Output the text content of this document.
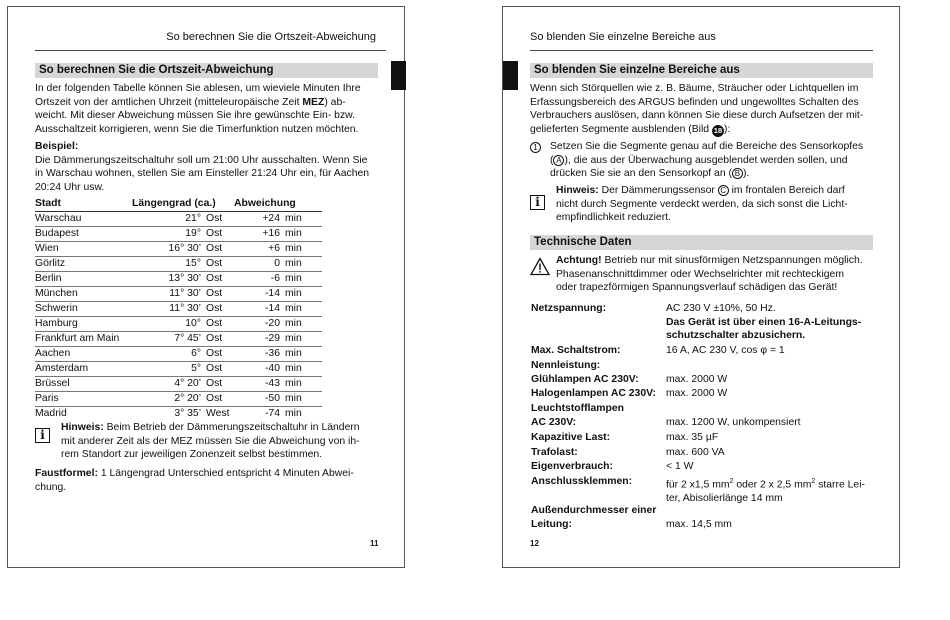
So berechnen Sie die Ortszeit-Abweichung
So berechnen Sie die Ortszeit-Abweichung
In der folgenden Tabelle können Sie ablesen, um wieviele Minuten Ihre
Ortszeit von der amtlichen Uhrzeit (mitteleuropäische Zeit MEZ) ab-
weicht. Mit dieser Abweichung müssen Sie ihre gewünschte Ein- bzw.
Ausschaltzeit korrigieren, wenn Sie die Timerfunktion nutzen möchten.
Beispiel:
Die Dämmerungszeitschaltuhr soll um 21:00 Uhr ausschalten. Wenn Sie
in Warschau wohnen, stellen Sie am Einsteller 21:24 Uhr ein, für Aachen
20:24 Uhr usw.
Stadt	Längengrad (ca.)		Abweichung	
Warschau	21°	Ost	+24	min
Budapest	19°	Ost	+16	min
Wien	16° 30’	Ost	+6	min
Görlitz	15°	Ost	0	min
Berlin	13° 30’	Ost	-6	min
München	11° 30’	Ost	-14	min
Schwerin	11° 30’	Ost	-14	min
Hamburg	10°	Ost	-20	min
Frankfurt am Main	7° 45’	Ost	-29	min
Aachen	6°	Ost	-36	min
Amsterdam	5°	Ost	-40	min
Brüssel	4° 20’	Ost	-43	min
Paris	2° 20’	Ost	-50	min
Madrid	3° 35’	West	-74	min
i
Hinweis: Beim Betrieb der Dämmerungszeitschaltuhr in Ländern
mit anderer Zeit als der MEZ müssen Sie die Abweichung von ih-
rem Standort zur jeweiligen Zonenzeit selbst bestimmen.
Faustformel: 1 Längengrad Unterschied entspricht 4 Minuten Abwei-
chung.
11
So blenden Sie einzelne Bereiche aus
So blenden Sie einzelne Bereiche aus
Wenn sich Störquellen wie z. B. Bäume, Sträucher oder Lichtquellen im
Erfassungsbereich des ARGUS befinden und ungewolltes Schalten des
Verbrauchers auslösen, dann können Sie diese durch Aufsetzen der mit-
gelieferten Segmente ausblenden (Bild 18 ):
1	Setzen Sie die Segmente genau auf die Bereiche des Sensorkopfes
( A ), die aus der Überwachung ausgeblendet werden sollen, und
drücken Sie sie an den Sensorkopf an ( B ).
i
Hinweis: Der Dämmerungssensor C im frontalen Bereich darf
nicht durch Segmente verdeckt werden, da sich sonst die Licht-
empfindlichkeit reduziert.
Technische Daten
Achtung! Betrieb nur mit sinusförmigen Netzspannungen möglich.
Phasenanschnittdimmer oder Wechselrichter mit rechteckigem
oder trapezförmigen Spannungsverlauf schädigen das Gerät!
Netzspannung:	AC 230 V ±10%, 50 Hz.
Das Gerät ist über einen 16-A-Leitungs-
schutzschalter abzusichern.
Max. Schaltstrom:	16 A, AC 230 V, cos φ = 1
Nennleistung:
Glühlampen AC 230V:	max. 2000 W
Halogenlampen AC 230V: max. 2000 W
Leuchtstofflampen
AC 230V:	max. 1200 W, unkompensiert
Kapazitive Last:	max. 35 µF
Trafolast:	max. 600 VA
Eigenverbrauch:	< 1 W
Anschlussklemmen:	für 2 x1,5 $mm^2$ oder 2 x 2,5 $mm^2$ starre Lei-
ter, Abisolierlänge 14 mm
Außendurchmesser einer
Leitung:	max. 14,5 mm
12
